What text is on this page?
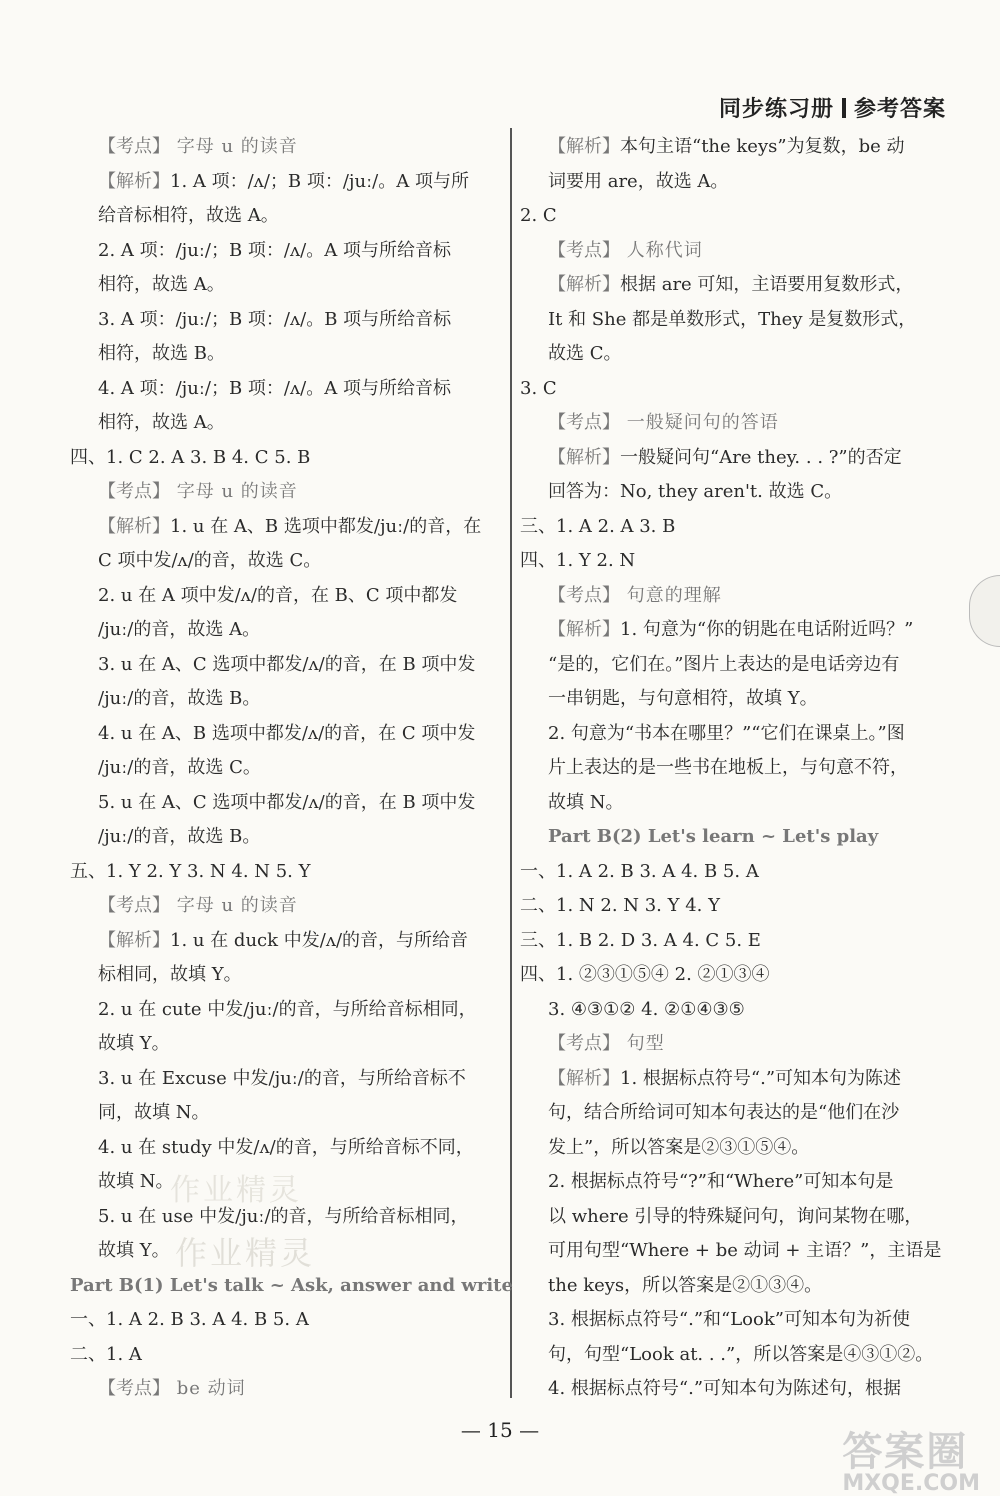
同步练习册 参考答案
【考点】 字母 u 的读音
【解析】1. A 项：/ʌ/；B 项：/juː/。A 项与所
给音标相符，故选 A。
2. A 项：/juː/；B 项：/ʌ/。A 项与所给音标
相符，故选 A。
3. A 项：/juː/；B 项：/ʌ/。B 项与所给音标
相符，故选 B。
4. A 项：/juː/；B 项：/ʌ/。A 项与所给音标
相符，故选 A。
四、1. C 2. A 3. B 4. C 5. B
【考点】 字母 u 的读音
【解析】1. u 在 A、B 选项中都发/juː/的音，在
C 项中发/ʌ/的音，故选 C。
2. u 在 A 项中发/ʌ/的音，在 B、C 项中都发
/juː/的音，故选 A。
3. u 在 A、C 选项中都发/ʌ/的音，在 B 项中发
/juː/的音，故选 B。
4. u 在 A、B 选项中都发/ʌ/的音，在 C 项中发
/juː/的音，故选 C。
5. u 在 A、C 选项中都发/ʌ/的音，在 B 项中发
/juː/的音，故选 B。
五、1. Y 2. Y 3. N 4. N 5. Y
【考点】 字母 u 的读音
【解析】1. u 在 duck 中发/ʌ/的音，与所给音
标相同，故填 Y。
2. u 在 cute 中发/juː/的音，与所给音标相同，
故填 Y。
3. u 在 Excuse 中发/juː/的音，与所给音标不
同，故填 N。
4. u 在 study 中发/ʌ/的音，与所给音标不同，
故填 N。
5. u 在 use 中发/juː/的音，与所给音标相同，
故填 Y。
Part B(1) Let's talk ~ Ask, answer and write
一、1. A 2. B 3. A 4. B 5. A
二、1. A
【考点】 be 动词
【解析】本句主语“the keys”为复数，be 动
词要用 are，故选 A。
2. C
【考点】 人称代词
【解析】根据 are 可知，主语要用复数形式，
It 和 She 都是单数形式，They 是复数形式，
故选 C。
3. C
【考点】 一般疑问句的答语
【解析】一般疑问句“Are they. . . ?”的否定
回答为：No, they aren't. 故选 C。
三、1. A 2. A 3. B
四、1. Y 2. N
【考点】 句意的理解
【解析】1. 句意为“你的钥匙在电话附近吗？”
“是的，它们在。”图片上表达的是电话旁边有
一串钥匙，与句意相符，故填 Y。
2. 句意为“书本在哪里？”“它们在课桌上。”图
片上表达的是一些书在地板上，与句意不符，
故填 N。
Part B(2) Let's learn ~ Let's play
一、1. A 2. B 3. A 4. B 5. A
二、1. N 2. N 3. Y 4. Y
三、1. B 2. D 3. A 4. C 5. E
四、1. ②③①⑤④ 2. ②①③④
3. ④③①② 4. ②①④③⑤
【考点】 句型
【解析】1. 根据标点符号“.”可知本句为陈述
句，结合所给词可知本句表达的是“他们在沙
发上”，所以答案是②③①⑤④。
2. 根据标点符号“?”和“Where”可知本句是
以 where 引导的特殊疑问句，询问某物在哪，
可用句型“Where + be 动词 + 主语？”，主语是
the keys，所以答案是②①③④。
3. 根据标点符号“.”和“Look”可知本句为祈使
句，句型“Look at. . .”，所以答案是④③①②。
4. 根据标点符号“.”可知本句为陈述句，根据
作业精灵
作业精灵
— 15 —	答案圈
MXQE.COM
